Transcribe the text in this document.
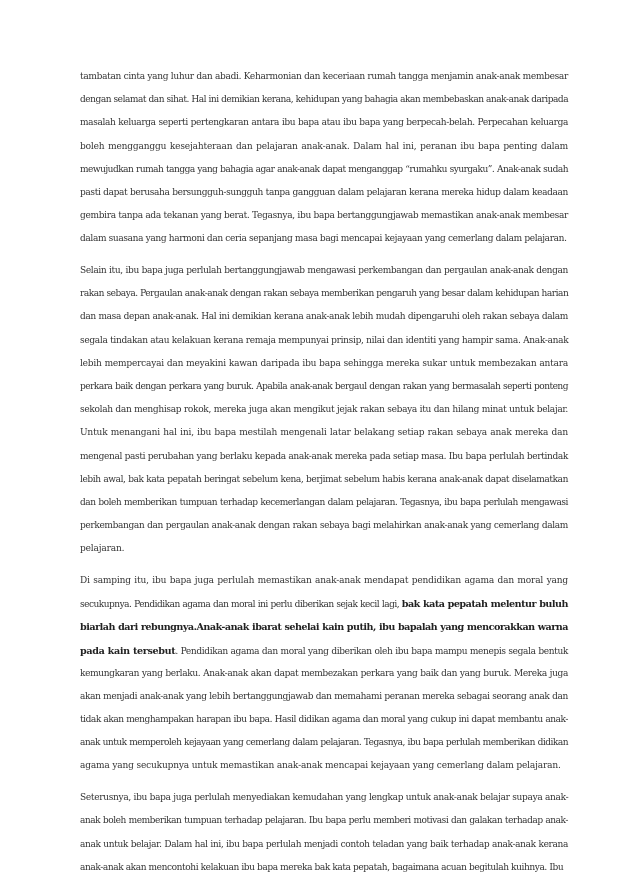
tambatan cinta yang luhur dan abadi. Keharmonian dan keceriaan rumah tangga menjamin anak-anak membesar
dengan selamat dan sihat. Hal ini demikian kerana, kehidupan yang bahagia akan membebaskan anak-anak daripada
masalah keluarga seperti pertengkaran antara ibu bapa atau ibu bapa yang berpecah-belah. Perpecahan keluarga
boleh mengganggu kesejahteraan dan pelajaran anak-anak. Dalam hal ini, peranan ibu bapa penting dalam
mewujudkan rumah tangga yang bahagia agar anak-anak dapat menganggap “rumahku syurgaku”. Anak-anak sudah
pasti dapat berusaha bersungguh-sungguh tanpa gangguan dalam pelajaran kerana mereka hidup dalam keadaan
gembira tanpa ada tekanan yang berat. Tegasnya, ibu bapa bertanggungjawab memastikan anak-anak membesar
dalam suasana yang harmoni dan ceria sepanjang masa bagi mencapai kejayaan yang cemerlang dalam pelajaran.
Selain itu, ibu bapa juga perlulah bertanggungjawab mengawasi perkembangan dan pergaulan anak-anak dengan
rakan sebaya. Pergaulan anak-anak dengan rakan sebaya memberikan pengaruh yang besar dalam kehidupan harian
dan masa depan anak-anak. Hal ini demikian kerana anak-anak lebih mudah dipengaruhi oleh rakan sebaya dalam
segala tindakan atau kelakuan kerana remaja mempunyai prinsip, nilai dan identiti yang hampir sama. Anak-anak
lebih mempercayai dan meyakini kawan daripada ibu bapa sehingga mereka sukar untuk membezakan antara
perkara baik dengan perkara yang buruk. Apabila anak-anak bergaul dengan rakan yang bermasalah seperti ponteng
sekolah dan menghisap rokok, mereka juga akan mengikut jejak rakan sebaya itu dan hilang minat untuk belajar.
Untuk menangani hal ini, ibu bapa mestilah mengenali latar belakang setiap rakan sebaya anak mereka dan
mengenal pasti perubahan yang berlaku kepada anak-anak mereka pada setiap masa. Ibu bapa perlulah bertindak
lebih awal, bak kata pepatah beringat sebelum kena, berjimat sebelum habis kerana anak-anak dapat diselamatkan
dan boleh memberikan tumpuan terhadap kecemerlangan dalam pelajaran. Tegasnya, ibu bapa perlulah mengawasi
perkembangan dan pergaulan anak-anak dengan rakan sebaya bagi melahirkan anak-anak yang cemerlang dalam
pelajaran.
Di samping itu, ibu bapa juga perlulah memastikan anak-anak mendapat pendidikan agama dan moral yang
secukupnya. Pendidikan agama dan moral ini perlu diberikan sejak kecil lagi, bak kata pepatah melentur buluh
biarlah dari rebungnya.Anak-anak ibarat sehelai kain putih, ibu bapalah yang mencorakkan warna
pada kain tersebut. Pendidikan agama dan moral yang diberikan oleh ibu bapa mampu menepis segala bentuk
kemungkaran yang berlaku. Anak-anak akan dapat membezakan perkara yang baik dan yang buruk. Mereka juga
akan menjadi anak-anak yang lebih bertanggungjawab dan memahami peranan mereka sebagai seorang anak dan
tidak akan menghampakan harapan ibu bapa. Hasil didikan agama dan moral yang cukup ini dapat membantu anak-
anak untuk memperoleh kejayaan yang cemerlang dalam pelajaran. Tegasnya, ibu bapa perlulah memberikan didikan
agama yang secukupnya untuk memastikan anak-anak mencapai kejayaan yang cemerlang dalam pelajaran.
Seterusnya, ibu bapa juga perlulah menyediakan kemudahan yang lengkap untuk anak-anak belajar supaya anak-
anak boleh memberikan tumpuan terhadap pelajaran. Ibu bapa perlu memberi motivasi dan galakan terhadap anak-
anak untuk belajar. Dalam hal ini, ibu bapa perlulah menjadi contoh teladan yang baik terhadap anak-anak kerana
anak-anak akan mencontohi kelakuan ibu bapa mereka bak kata pepatah, bagaimana acuan begitulah kuihnya. Ibu
